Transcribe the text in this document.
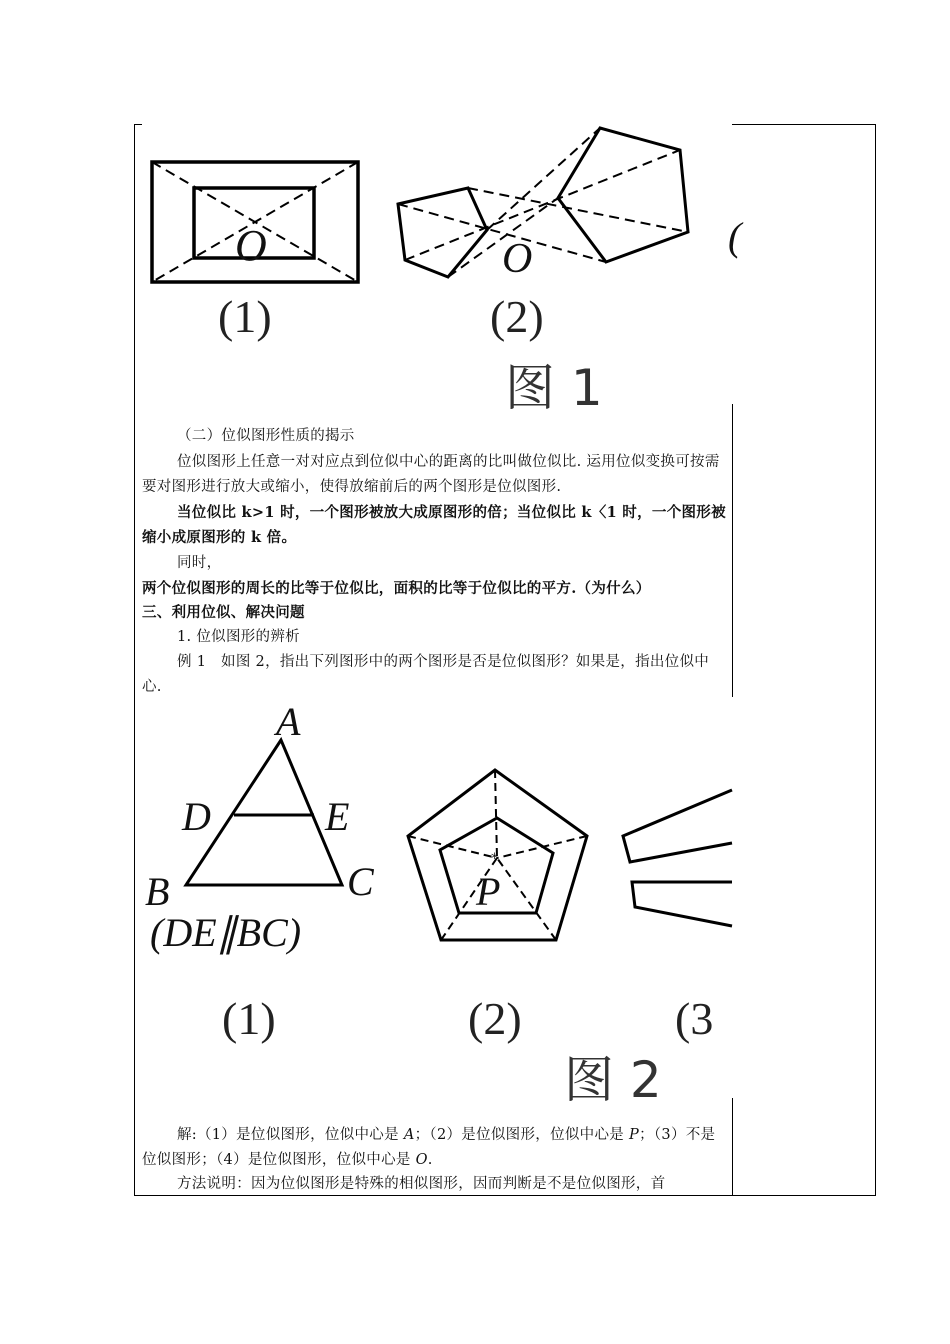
O	O	(
(1)	(2)
图 1
（二）位似图形性质的揭示
位似图形上任意一对对应点到位似中心的距离的比叫做位似比. 运用位似变换可按需要对图形进行放大或缩小，使得放缩前后的两个图形是位似图形.
当位似比 k>1 时，一个图形被放大成原图形的倍；当位似比 k〈1 时，一个图形被缩小成原图形的 k 倍。
同时，两个位似图形的周长的比等于位似比，面积的比等于位似比的平方.（为什么）
三、利用位似、解决问题
1. 位似图形的辨析
例 1　如图 2，指出下列图形中的两个图形是否是位似图形？如果是，指出位似中心.
A
D	E
B	C
(DE∥BC)
*
P
(1)	(2)	(3
图 2
解:（1）是位似图形，位似中心是 A；（2）是位似图形，位似中心是 P；（3）不是位似图形；（4）是位似图形，位似中心是 O.
方法说明：因为位似图形是特殊的相似图形，因而判断是不是位似图形，首
